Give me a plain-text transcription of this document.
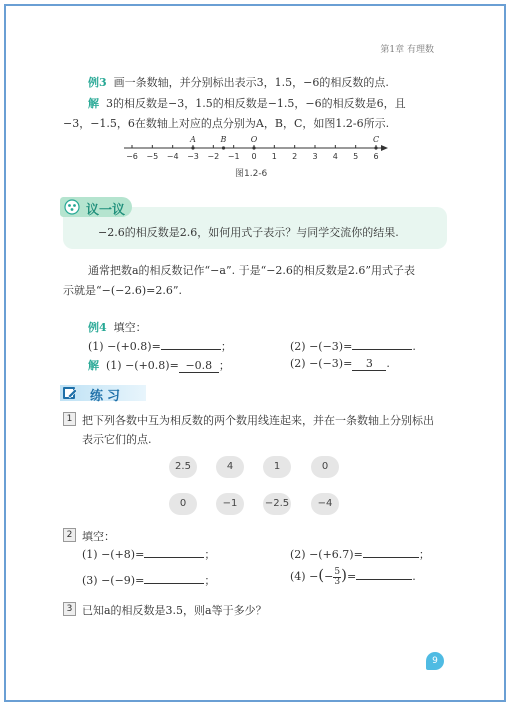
第1章 有理数
例3 画一条数轴，并分别标出表示3，1.5，−6的相反数的点.
解 3的相反数是−3，1.5的相反数是−1.5，−6的相反数是6，且
−3，−1.5，6在数轴上对应的点分别为A，B，C，如图1.2-6所示.
−6 −5 −4 −3 −2 −1 0 1 2 3 4 5 6
A	B	O	C
图1.2-6
议一议
−2.6的相反数是2.6，如何用式子表示？与同学交流你的结果.
通常把数a的相反数记作“−a”. 于是“−2.6的相反数是2.6”用式子表
示就是“−(−2.6)=2.6”.
例4 填空：
(1) −(+0.8)=	；	(2) −(−3)=	.
解 (1) −(+0.8)= −0.8 ；	(2) −(−3)= 3 .
练习
1 把下列各数中互为相反数的两个数用线连起来，并在一条数轴上分别标出
表示它们的点.
2.5	4	1	0
0	−1	−2.5	−4
2 填空：
(1) −(+8)=	；	(2) −(+6.7)=	；
(3) −(−9)=	；	(4) −(− $\frac{5}{3}$ )=	.
3 已知a的相反数是3.5，则a等于多少？
9
